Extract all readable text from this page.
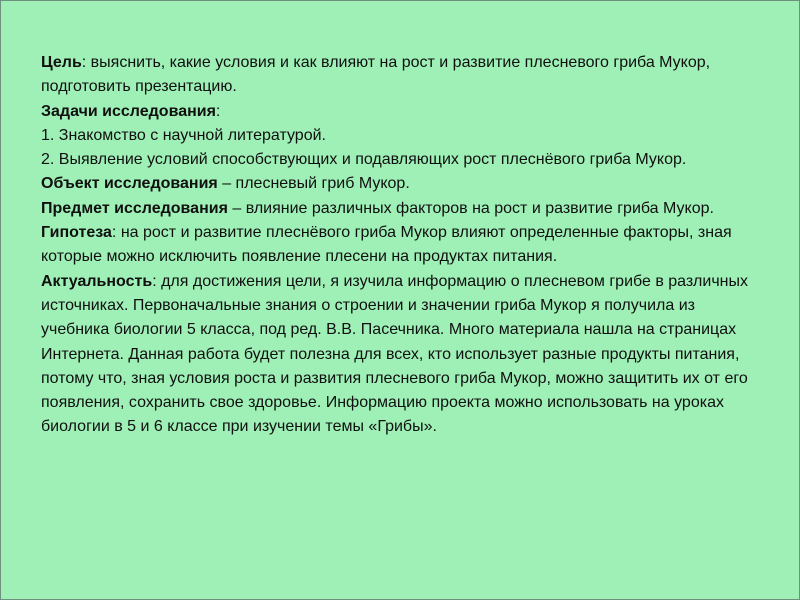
Цель: выяснить, какие условия и как влияют на рост и развитие плесневого гриба Мукор, подготовить презентацию.

Задачи исследования:

1. Знакомство с научной литературой.

2. Выявление условий способствующих и подавляющих рост плеснёвого гриба Мукор.

Объект исследования – плесневый гриб Мукор.

Предмет исследования – влияние различных факторов на рост и развитие гриба Мукор.

Гипотеза: на рост и развитие плеснёвого гриба Мукор влияют определенные факторы, зная которые можно исключить появление плесени на продуктах питания.

Актуальность: для достижения цели, я изучила информацию о плесневом грибе в различных источниках. Первоначальные знания о строении и значении гриба Мукор я получила из учебника биологии 5 класса, под ред. В.В. Пасечника. Много материала нашла на страницах Интернета. Данная работа будет полезна для всех, кто использует разные продукты питания, потому что, зная условия роста и развития плесневого гриба Мукор, можно защитить их от его появления, сохранить свое здоровье. Информацию проекта можно использовать на уроках биологии в 5 и 6 классе при изучении темы «Грибы».
